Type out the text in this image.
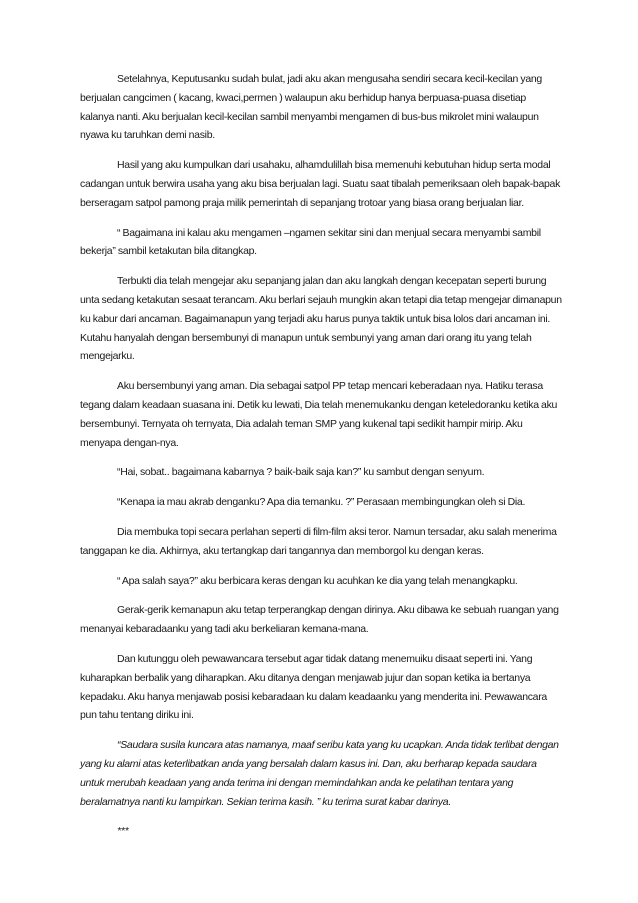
Setelahnya, Keputusanku sudah bulat, jadi aku akan mengusaha sendiri secara kecil-kecilan yang berjualan cangcimen ( kacang, kwaci,permen ) walaupun aku berhidup hanya berpuasa-puasa disetiap kalanya nanti. Aku berjualan kecil-kecilan sambil menyambi mengamen di bus-bus mikrolet mini walaupun nyawa ku taruhkan demi nasib.

Hasil yang aku kumpulkan dari usahaku, alhamdulillah bisa memenuhi kebutuhan hidup serta modal cadangan untuk berwira usaha yang aku bisa berjualan lagi. Suatu saat tibalah pemeriksaan oleh bapak-bapak berseragam satpol pamong praja milik pemerintah di sepanjang trotoar yang biasa orang berjualan liar.

“ Bagaimana ini kalau aku mengamen –ngamen sekitar sini dan menjual secara menyambi sambil bekerja” sambil ketakutan bila ditangkap.

Terbukti dia telah mengejar aku sepanjang jalan dan aku langkah dengan kecepatan seperti burung unta sedang ketakutan sesaat terancam. Aku berlari sejauh mungkin akan tetapi dia tetap mengejar dimanapun ku kabur dari ancaman. Bagaimanapun yang terjadi aku harus punya taktik untuk bisa lolos dari ancaman ini. Kutahu hanyalah dengan bersembunyi di manapun untuk sembunyi yang aman dari orang itu yang telah mengejarku.

Aku bersembunyi yang aman. Dia sebagai satpol PP tetap mencari keberadaan nya. Hatiku terasa tegang dalam keadaan suasana ini. Detik ku lewati, Dia telah menemukanku dengan keteledoranku ketika aku bersembunyi. Ternyata oh ternyata, Dia adalah teman SMP yang kukenal tapi sedikit hampir mirip. Aku menyapa dengan-nya.

“Hai, sobat.. bagaimana kabarnya ? baik-baik saja kan?” ku sambut dengan senyum.

“Kenapa ia mau akrab denganku? Apa dia temanku. ?” Perasaan membingungkan oleh si Dia.

Dia membuka topi secara perlahan seperti di film-film aksi teror. Namun tersadar, aku salah menerima tanggapan ke dia. Akhirnya, aku tertangkap dari tangannya dan memborgol ku dengan keras.

“ Apa salah saya?” aku berbicara keras dengan ku acuhkan ke dia yang telah menangkapku.

Gerak-gerik kemanapun aku tetap terperangkap dengan dirinya. Aku dibawa ke sebuah ruangan yang menanyai kebaradaanku yang tadi aku berkeliaran kemana-mana.

Dan kutunggu oleh pewawancara tersebut agar tidak datang menemuiku disaat seperti ini. Yang kuharapkan berbalik yang diharapkan. Aku ditanya dengan menjawab jujur dan sopan ketika ia bertanya kepadaku. Aku hanya menjawab posisi kebaradaan ku dalam keadaanku yang menderita ini. Pewawancara pun tahu tentang diriku ini.

“Saudara susila kuncara atas namanya, maaf seribu kata yang ku ucapkan. Anda tidak terlibat dengan yang ku alami atas keterlibatkan anda yang bersalah dalam kasus ini. Dan, aku berharap kepada saudara untuk merubah keadaan yang anda terima ini dengan memindahkan anda ke pelatihan tentara yang beralamatnya nanti ku lampirkan. Sekian terima kasih. ” ku terima surat kabar darinya.

***
